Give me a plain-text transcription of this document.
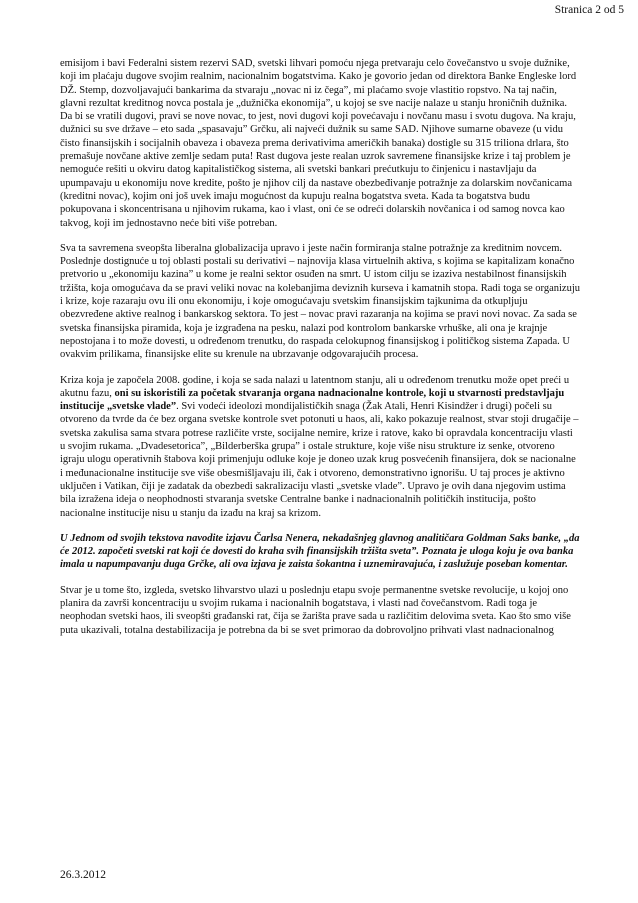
Stranica 2 od 5

emisijom i bavi Federalni sistem rezervi SAD, svetski lihvari pomoću njega pretvaraju celo čovečanstvo u svoje dužnike, koji im plaćaju dugove svojim realnim, nacionalnim bogatstvima. Kako je govorio jedan od direktora Banke Engleske lord DŽ. Stemp, dozvoljavajući bankarima da stvaraju „novac ni iz čega”, mi plaćamo svoje vlastitio ropstvo. Na taj način, glavni rezultat kreditnog novca postala je „dužnička ekonomija”, u kojoj se sve nacije nalaze u stanju hroničnih dužnika. Da bi se vratili dugovi, pravi se nove novac, to jest, novi dugovi koji povećavaju i novčanu masu i svotu dugova. Na kraju, dužnici su sve države – eto sada „spasavaju” Grčku, ali najveći dužnik su same SAD. Njihove sumarne obaveze (u vidu čisto finansijskih i socijalnih obaveza i obaveza prema derivativima američkih banaka) dostigle su 315 triliona drlara, što premašuje novčane aktive zemlje sedam puta! Rast dugova jeste realan uzrok savremene finansijske krize i taj problem je nemoguće rešiti u okviru datog kapitalističkog sistema, ali svetski bankari prećutkuju to činjenicu i nastavljaju da upumpavaju u ekonomiju nove kredite, pošto je njihov cilj da nastave obezbeđivanje potražnje za dolarskim novčanicama (kreditni novac), kojim oni još uvek imaju mogućnost da kupuju realna bogatstva sveta. Kada ta bogatstva budu pokupovana i skoncentrisana u njihovim rukama, kao i vlast, oni će se odreći dolarskih novčanica i od samog novca kao takvog, koji im jednostavno neće biti više potreban.

Sva ta savremena sveopšta liberalna globalizacija upravo i jeste način formiranja stalne potražnje za kreditnim novcem. Poslednje dostignuće u toj oblasti postali su derivativi – najnovija klasa virtuelnih aktiva, s kojima se kapitalizam konačno pretvorio u „ekonomiju kazina” u kome je realni sektor osuđen na smrt. U istom cilju se izaziva nestabilnost finansijskih tržišta, koja omogućava da se pravi veliki novac na kolebanjima deviznih kurseva i kamatnih stopa. Radi toga se organizuju i krize, koje razaraju ovu ili onu ekonomiju, i koje omogućavaju svetskim finansijskim tajkunima da otkupljuju obezvređene aktive realnog i bankarskog sektora. To jest – novac pravi razaranja na kojima se pravi novi novac. Za sada se svetska finansijska piramida, koja je izgrađena na pesku, nalazi pod kontrolom bankarske vrhuške, ali ona je krajnje nepostojana i to može dovesti, u određenom trenutku, do raspada celokupnog finansijskog i političkog sistema Zapada. U ovakvim prilikama, finansijske elite su krenule na ubrzavanje odgovarajućih procesa.

Kriza koja je započela 2008. godine, i koja se sada nalazi u latentnom stanju, ali u određenom trenutku može opet preći u akutnu fazu, oni su iskoristili za početak stvaranja organa nadnacionalne kontrole, koji u stvarnosti predstavljaju institucije „svetske vlade”. Svi vodeći ideolozi mondijalističkih snaga (Žak Atali, Henri Kisindžer i drugi) počeli su otvoreno da tvrde da će bez organa svetske kontrole svet potonuti u haos, ali, kako pokazuje realnost, stvar stoji drugačije – svetska zakulisa sama stvara potrese različite vrste, socijalne nemire, krize i ratove, kako bi opravdala koncentraciju vlasti u svojim rukama. „Dvadesetorica”, „Bilderberška grupa” i ostale strukture, koje više nisu strukture iz senke, otvoreno igraju ulogu operativnih štabova koji primenjuju odluke koje je doneo uzak krug posvećenih finansijera, dok se nacionalne i međunacionalne institucije sve više obesmišljavaju ili, čak i otvoreno, demonstrativno ignorišu. U taj proces je aktivno uključen i Vatikan, čiji je zadatak da obezbedi sakralizaciju vlasti „svetske vlade”. Upravo je ovih dana njegovim ustima bila izražena ideja o neophodnosti stvaranja svetske Centralne banke i nadnacionalnih političkih institucija, pošto nacionalne institucije nisu u stanju da izađu na kraj sa krizom.

U Jednom od svojih tekstova navodite izjavu Čarlsa Nenera, nekadašnjeg glavnog analitičara Goldman Saks banke, „da će 2012. započeti svetski rat koji će dovesti do kraha svih finansijskih tržišta sveta”. Poznata je uloga koju je ova banka imala u napumpavanju duga Grčke, ali ova izjava je zaista šokantna i uznemiravajuća, i zaslužuje poseban komentar.

Stvar je u tome što, izgleda, svetsko lihvarstvo ulazi u poslednju etapu svoje permanentne svetske revolucije, u kojoj ono planira da završi koncentraciju u svojim rukama i nacionalnih bogatstava, i vlasti nad čovečanstvom. Radi toga je neophodan svetski haos, ili sveopšti građanski rat, čija se žarišta prave sada u različitim delovima sveta. Kao što smo više puta ukazivali, totalna destabilizacija je potrebna da bi se svet primorao da dobrovoljno prihvati vlast nadnacionalnog

26.3.2012
